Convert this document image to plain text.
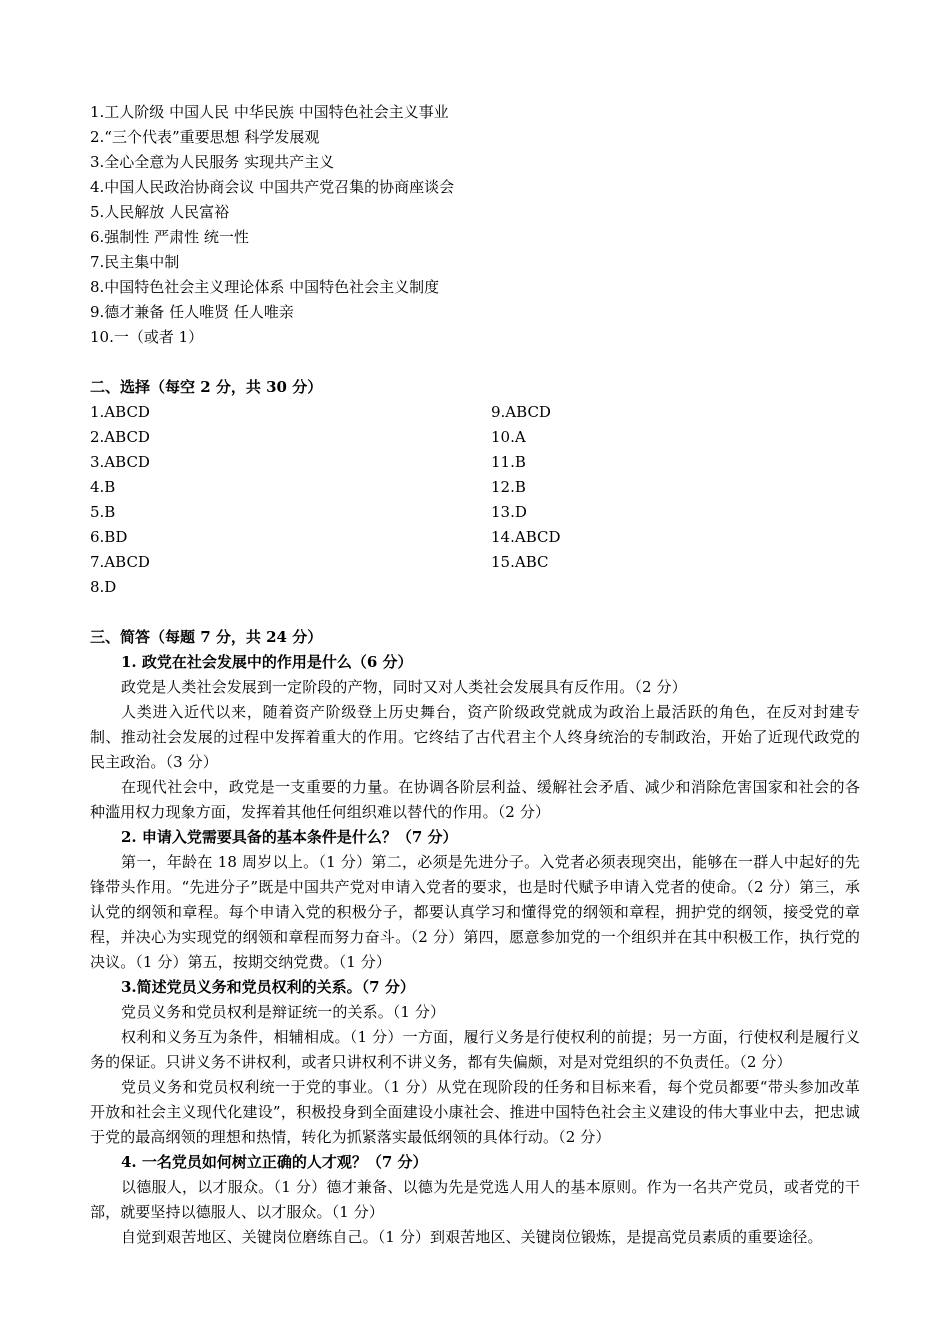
1.工人阶级 中国人民 中华民族 中国特色社会主义事业
2.“三个代表”重要思想 科学发展观
3.全心全意为人民服务 实现共产主义
4.中国人民政治协商会议 中国共产党召集的协商座谈会
5.人民解放 人民富裕
6.强制性 严肃性 统一性
7.民主集中制
8.中国特色社会主义理论体系 中国特色社会主义制度
9.德才兼备 任人唯贤 任人唯亲
10.一（或者 1）
二、选择（每空 2 分，共 30 分）
1.ABCD
2.ABCD
3.ABCD
4.B
5.B
6.BD
7.ABCD
8.D
9.ABCD
10.A
11.B
12.B
13.D
14.ABCD
15.ABC
三、简答（每题 7 分，共 24 分）
1. 政党在社会发展中的作用是什么（6 分）
政党是人类社会发展到一定阶段的产物，同时又对人类社会发展具有反作用。（2 分）
人类进入近代以来，随着资产阶级登上历史舞台，资产阶级政党就成为政治上最活跃的角色，在反对封建专制、推动社会发展的过程中发挥着重大的作用。它终结了古代君主个人终身统治的专制政治，开始了近现代政党的民主政治。（3 分）
在现代社会中，政党是一支重要的力量。在协调各阶层利益、缓解社会矛盾、减少和消除危害国家和社会的各种滥用权力现象方面，发挥着其他任何组织难以替代的作用。（2 分）
2. 申请入党需要具备的基本条件是什么？（7 分）
第一，年龄在 18 周岁以上。（1 分）第二，必须是先进分子。入党者必须表现突出，能够在一群人中起好的先锋带头作用。“先进分子”既是中国共产党对申请入党者的要求，也是时代赋予申请入党者的使命。（2 分）第三，承认党的纲领和章程。每个申请入党的积极分子，都要认真学习和懂得党的纲领和章程，拥护党的纲领，接受党的章程，并决心为实现党的纲领和章程而努力奋斗。（2 分）第四，愿意参加党的一个组织并在其中积极工作，执行党的决议。（1 分）第五，按期交纳党费。（1 分）
3.简述党员义务和党员权利的关系。（7 分）
党员义务和党员权利是辩证统一的关系。（1 分）
权利和义务互为条件，相辅相成。（1 分）一方面，履行义务是行使权利的前提；另一方面，行使权利是履行义务的保证。只讲义务不讲权利，或者只讲权利不讲义务，都有失偏颇，对是对党组织的不负责任。（2 分）
党员义务和党员权利统一于党的事业。（1 分）从党在现阶段的任务和目标来看，每个党员都要“带头参加改革开放和社会主义现代化建设”，积极投身到全面建设小康社会、推进中国特色社会主义建设的伟大事业中去，把忠诚于党的最高纲领的理想和热情，转化为抓紧落实最低纲领的具体行动。（2 分）
4. 一名党员如何树立正确的人才观？（7 分）
以德服人，以才服众。（1 分）德才兼备、以德为先是党选人用人的基本原则。作为一名共产党员，或者党的干部，就要坚持以德服人、以才服众。（1 分）
自觉到艰苦地区、关键岗位磨练自己。（1 分）到艰苦地区、关键岗位锻炼，是提高党员素质的重要途径。
